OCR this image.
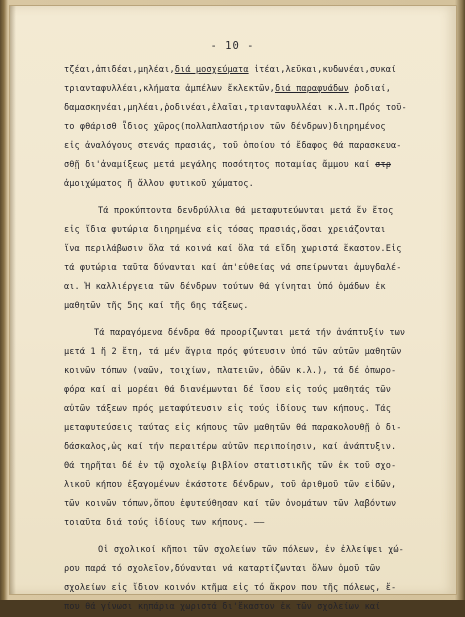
- 10 -
τζέαι,ἀπιδέαι,μηλέαι,διά μοσχεύματα ἰτέαι,λεῦκαι,κυδωνέαι,συκαί
τριανταφυλλέαι,κλήματα ἀμπέλων ἔκλεκτῶν,διά παραφυάδων ῥοδιαί,
δαμασκηνέαι,μηλέαι,ῥοδινέαι,ἐλαῖαι,τριανταφυλλέαι κ.λ.π.Πρός τοῦ-
το φθάρισθ ῗδιος χῶρος(πολλαπλαστήριον τῶν δένδρων)διηρημένος
εἰς ἀναλόγους στενάς πρασιάς, τοῦ ὁποίου τό ἔδαφος θά παρασκευα-
σθῇ δι'ἀναμίξεως μετά μεγάλης ποσότητος ποταμίας ἄμμου καί στρ
ἀμοιχώματος ἤ ἄλλου φυτικοῦ χώματος.
Τά προκύπτοντα δενδρύλλια θά μεταφυτεύωνται μετά ἕν ἔτος
εἰς ἴδια φυτώρια διηρημένα εἰς τόσας πρασιάς,ὅσαι χρειάζονται
ἵνα περιλάβωσιν ὅλα τά κοινά καί ὅλα τά εἴδη χωριστά ἕκαστον.Εἰς
τά φυτώρια ταῦτα δύνανται καί ἀπ'εὐθείας νά σπείρωνται ἀμυγδαλέ-
αι. Ἡ καλλιέργεια τῶν δένδρων τούτων θά γίνηται ὑπό ὁμάδων ἐκ
μαθητῶν τῆς 5ης καί τῆς 6ης τάξεως.
Τά παραγόμενα δένδρα θά προορίζωνται μετά τήν ἀνάπτυξίν των
μετά 1 ἤ 2 ἔτη, τά μέν ἄγρια πρός φύτευσιν ὑπό τῶν αὐτῶν μαθητῶν
κοινῶν τόπων (ναῶν, τοιχίων, πλατειῶν, ὁδῶν κ.λ.), τά δέ ὀπωρο-
φόρα καί αἱ μορέαι θά διανέμωνται δέ ἴσου εἰς τούς μαθητάς τῶν
αὐτῶν τάξεων πρός μεταφύτευσιν εἰς τούς ἰδίους των κήπους. Τάς
μεταφυτεύσεις ταύτας εἰς κήπους τῶν μαθητῶν θά παρακολουθῇ ὁ δι-
δάσκαλος,ὡς καί τήν περαιτέρω αὐτῶν περιποίησιν, καί ἀνάπτυξιν.
Θά τηρῆται δέ ἐν τῷ σχολείῳ βιβλίον στατιστικῆς τῶν ἐκ τοῦ σχο-
λικοῦ κήπου ἐξαγομένων ἑκάστοτε δένδρων, τοῦ ἀριθμοῦ τῶν εἰδῶν,
τῶν κοινῶν τόπων,ὅπου ἐφυτεύθησαν καί τῶν ὀνομάτων τῶν λαβόντων
τοιαῦτα διά τούς ἰδίους των κήπους. ——
Οἱ σχολικοί κῆποι τῶν σχολείων τῶν πόλεων, ἐν ἐλλείψει χώ-
ρου παρά τό σχολεῖον,δύνανται νά καταρτίζωνται ὅλων ὁμοῦ τῶν
σχολείων εἰς ἴδιον κοινόν κτῆμα εἰς τό ἄκρον που τῆς πόλεως, ἔ-
που θά γίνωσι κηπάρια χωριστά δι'ἕκαστον ἐκ τῶν σχολείων καί
